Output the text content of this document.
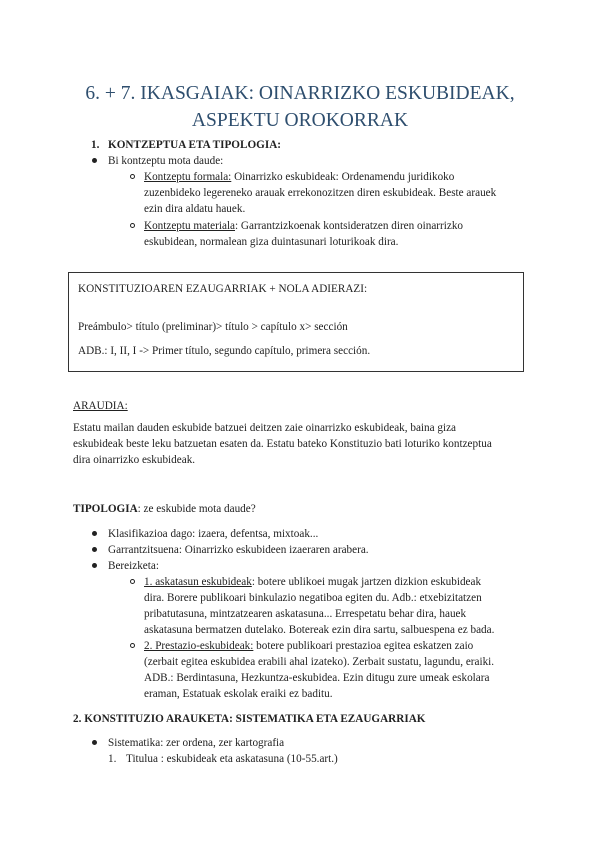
6. + 7. IKASGAIAK: OINARRIZKO ESKUBIDEAK,
ASPEKTU OROKORRAK
1. KONTZEPTUA ETA TIPOLOGIA:
Bi kontzeptu mota daude:
Kontzeptu formala: Oinarrizko eskubideak: Ordenamendu juridikoko
zuzenbideko legereneko arauak errekonozitzen diren eskubideak. Beste arauek
ezin dira aldatu hauek.
Kontzeptu materiala: Garrantzizkoenak kontsideratzen diren oinarrizko
eskubidean, normalean giza duintasunari loturikoak dira.
KONSTITUZIOAREN EZAUGARRIAK + NOLA ADIERAZI:
Preámbulo> título (preliminar)> título > capítulo x> sección
ADB.: I, II, I -> Primer título, segundo capítulo, primera sección.
ARAUDIA:
Estatu mailan dauden eskubide batzuei deitzen zaie oinarrizko eskubideak, baina giza
eskubideak beste leku batzuetan esaten da. Estatu bateko Konstituzio bati loturiko kontzeptua
dira oinarrizko eskubideak.
TIPOLOGIA: ze eskubide mota daude?
Klasifikazioa dago: izaera, defentsa, mixtoak...
Garrantzitsuena: Oinarrizko eskubideen izaeraren arabera.
Bereizketa:
1. askatasun eskubideak: botere ublikoei mugak jartzen dizkion eskubideak
dira. Borere publikoari binkulazio negatiboa egiten du. Adb.: etxebizitatzen
pribatutasuna, mintzatzearen askatasuna... Errespetatu behar dira, hauek
askatasuna bermatzen dutelako. Botereak ezin dira sartu, salbuespena ez bada.
2. Prestazio-eskubideak: botere publikoari prestazioa egitea eskatzen zaio
(zerbait egitea eskubidea erabili ahal izateko). Zerbait sustatu, lagundu, eraiki.
ADB.: Berdintasuna, Hezkuntza-eskubidea. Ezin ditugu zure umeak eskolara
eraman, Estatuak eskolak eraiki ez baditu.
2. KONSTITUZIO ARAUKETA: SISTEMATIKA ETA EZAUGARRIAK
Sistematika: zer ordena, zer kartografia
1. Titulua : eskubideak eta askatasuna (10-55.art.)
